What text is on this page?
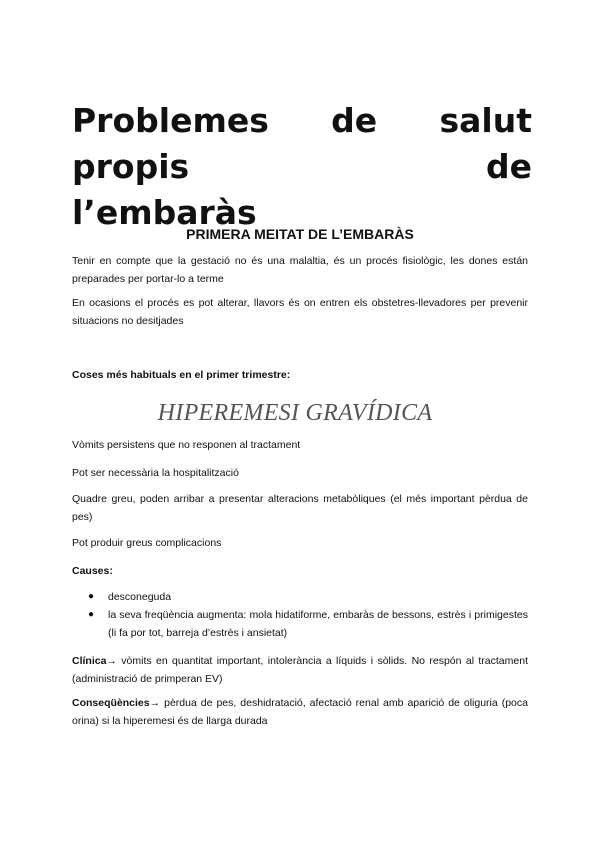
Problemes de salut propis de
l’embaràs
PRIMERA MEITAT DE L’EMBARÀS
Tenir en compte que la gestació no és una malaltia, és un procés fisiològic, les dones están preparades per portar-lo a terme
En ocasions el procés es pot alterar, llavors és on entren els obstetres-llevadores per prevenir situacions no desitjades
Coses més habituals en el primer trimestre:
HIPEREMESI GRAVÍDICA
Vòmits persistens que no responen al tractament
Pot ser necessària la hospitalització
Quadre greu, poden arribar a presentar alteracions metabòliques (el més important pèrdua de pes)
Pot produir greus complicacions
Causes:
● desconeguda
● la seva freqüència augmenta: mola hidatiforme, embaràs de bessons, estrès i primigestes (li fa por tot, barreja d’estrès i ansietat)
Clínica→ vòmits en quantitat important, intolerància a líquids i sòlids. No respón al tractament (administració de primperan EV)
Conseqüències→ pèrdua de pes, deshidratació, afectació renal amb aparició de oliguria (poca orina) si la hiperemesi és de llarga durada
